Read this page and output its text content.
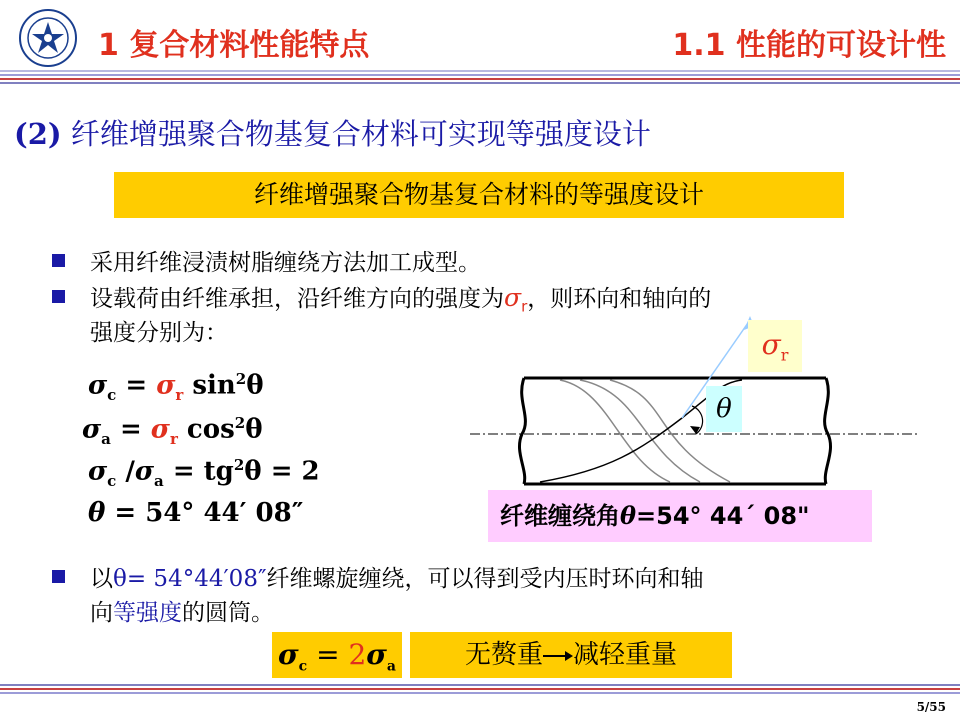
1 复合材料性能特点	1.1 性能的可设计性
(2) 纤维增强聚合物基复合材料可实现等强度设计
纤维增强聚合物基复合材料的等强度设计
采用纤维浸渍树脂缠绕方法加工成型。
设载荷由纤维承担，沿纤维方向的强度为$\sigma_r$，则环向和轴向的
强度分别为：
$\sigma_c = \sigma_r$ $\sin^2\theta$
$\sigma_a = \sigma_r$ $\cos^2\theta$
$\sigma_c$ $/\sigma_a = tg^2\theta = 2$
θ = 54° 44′ 08″
$\sigma_r$
θ
纤维缠绕角θ=54° 44´ 08"
以θ= 54°44′08″纤维螺旋缠绕，可以得到受内压时环向和轴
向等强度的圆筒。
$\sigma_c = 2\sigma_a$	无赘重 减轻重量
5/55
